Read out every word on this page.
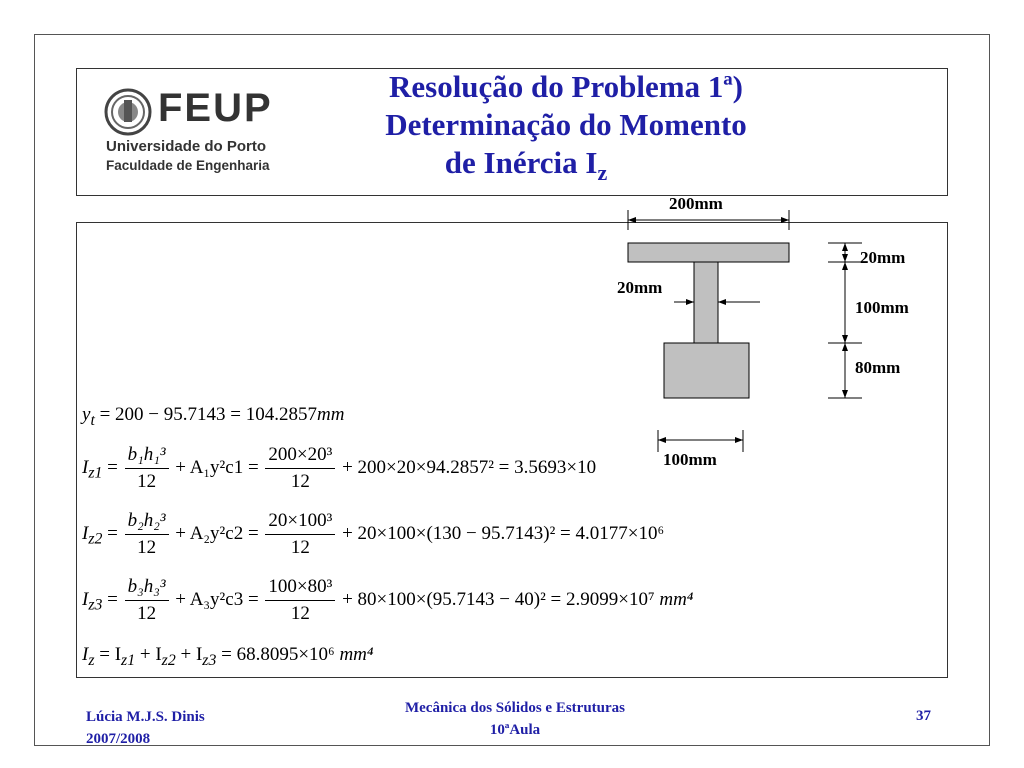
FEUP
Universidade do Porto
Faculdade de Engenharia
Resolução do Problema 1ª)
Determinação do Momento
de Inércia $I_z$
200mm
20mm
20mm
100mm
80mm
100mm
$y_t = 200 - 95.7143 = 104.2857mm$
$I_{z1} = \frac{\text{b₁h₁³}}{12} + A_1y^2c1 = \frac{\text{200×20³}}{12} + 200\times 20\times 94.2857^2 = 3.5693\times 10$
$I_{z2} = \frac{\text{b₂h₂³}}{12} + A_2y^2c2 = \frac{\text{20×100³}}{12} + 20\times 100\times(130 - 95.7143)^2 = 4.0177\times 10^6$
$I_{z3} = \frac{\text{b₃h₃³}}{12} + A_3y^2c3 = \frac{\text{100×80³}}{12} + 80\times 100\times(95.7143 - 40)^2 = 2.9099\times 10^7$ mm⁴
$I_z = I_{z1} + I_{z2} + I_{z3} = 68.8095\times 10^6$ mm⁴
Lúcia M.J.S. Dinis
2007/2008
Mecânica dos Sólidos e Estruturas
10ªAula
37
